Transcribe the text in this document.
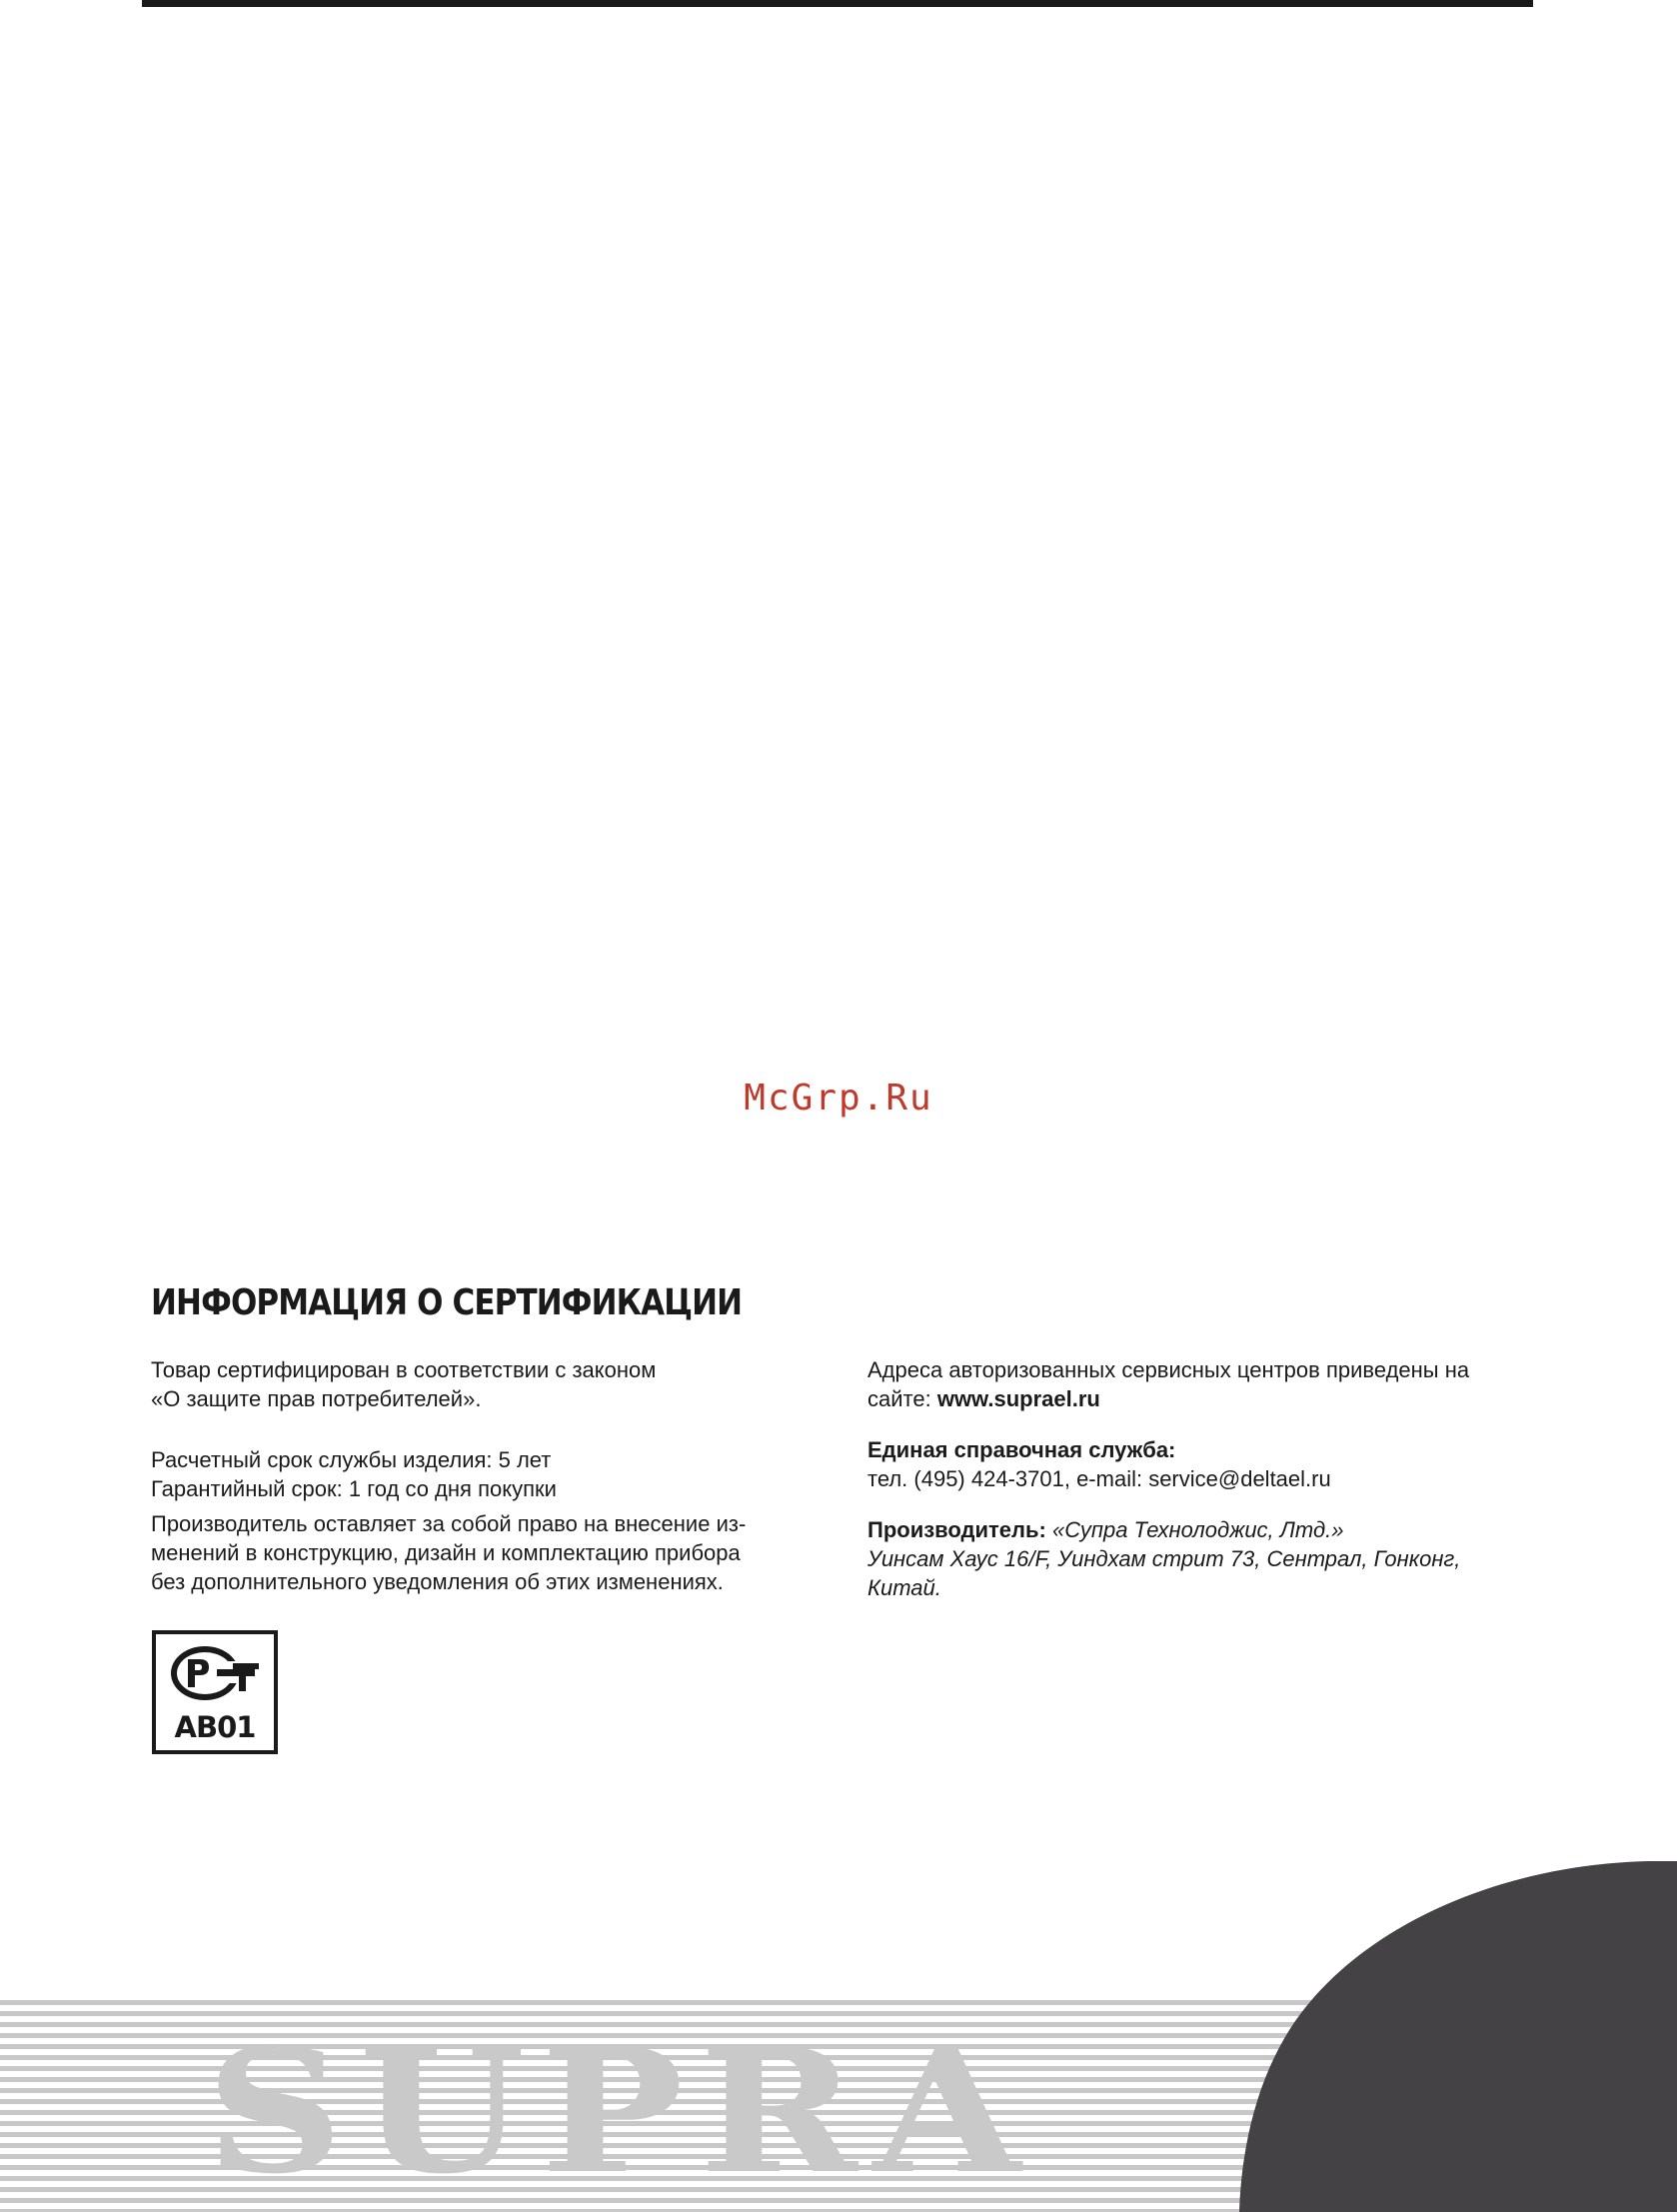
McGrp.Ru
ИНФОРМАЦИЯ О СЕРТИФИКАЦИИ

Товар сертифицирован в соответствии с законом

«О защите прав потребителей».

Расчетный срок службы изделия: 5 лет

Гарантийный срок: 1 год со дня покупки

Производитель оставляет за собой право на внесение из-

менений в конструкцию, дизайн и комплектацию прибора

без дополнительного уведомления об этих изменениях.

Адреса авторизованных сервисных центров приведены на

сайте: www.suprael.ru

Единая справочная служба:

тел. (495) 424-3701, e-mail: service@deltael.ru

Производитель: «Супра Технолоджис, Лтд.»

Уинсам Хаус 16/F, Уиндхам стрит 73, Сентрал, Гонконг,

Китай.

АВ01
SUPRA
